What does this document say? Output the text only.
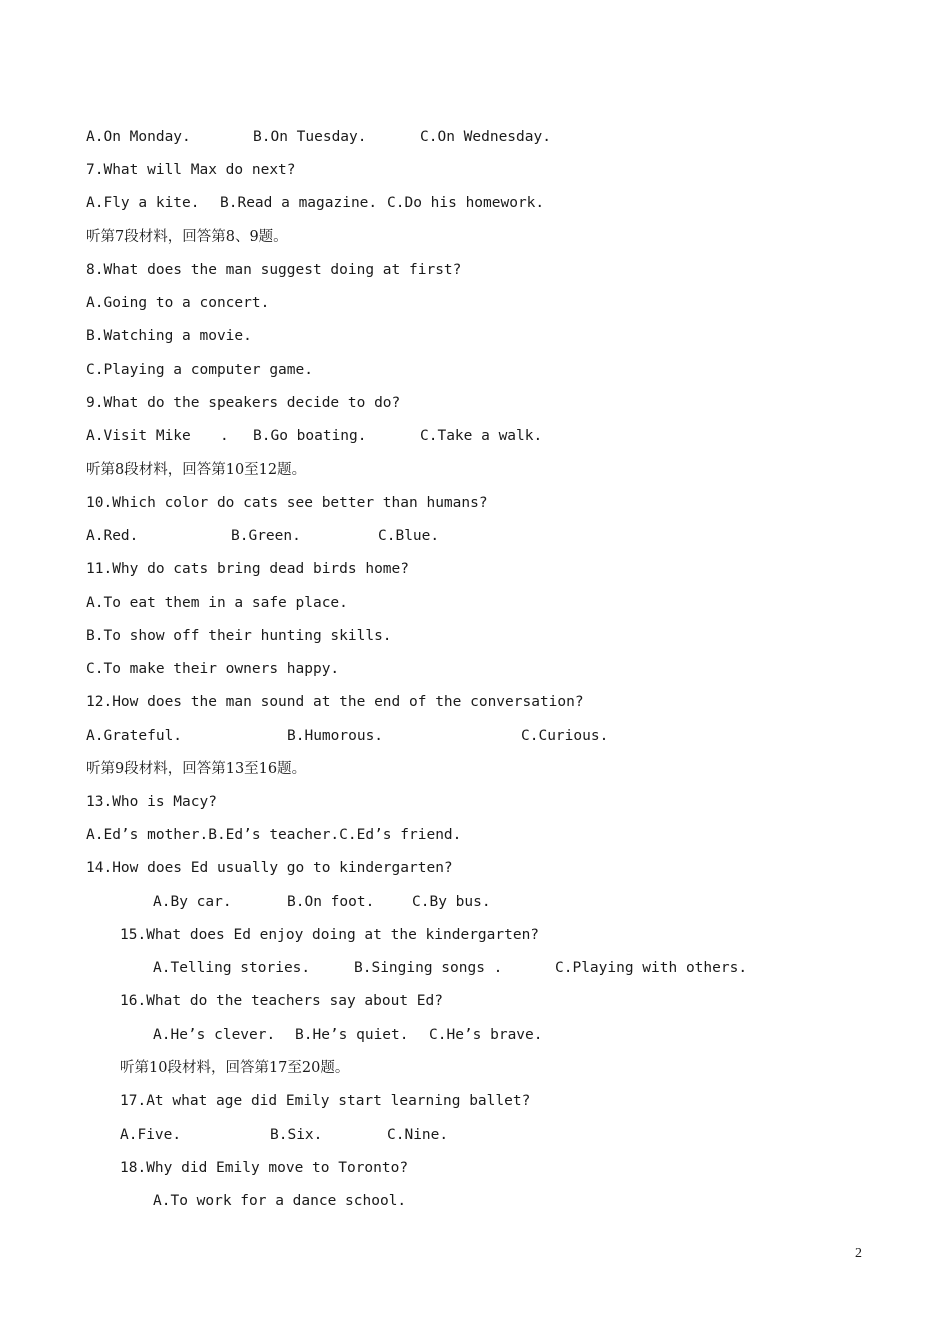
A.On Monday.

	B.On Tuesday.

	C.On Wednesday.

7.What will Max do next?

A.Fly a kite.

B.Read a magazine.

C.Do his homework.

听第7段材料，回答第8、9题。
8.What does the man suggest doing at first?
A.Going to a concert.
B.Watching a movie.
C.Playing a computer game.
9.What do the speakers decide to do?

A.Visit Mike

.

B.Go boating.

	C.Take a walk.

听第8段材料，回答第10至12题。
10.Which color do cats see better than humans?

A.Red.

	B.Green.

	C.Blue.

11.Why do cats bring dead birds home?
A.To eat them in a safe place.
B.To show off their hunting skills.
C.To make their owners happy.
12.How does the man sound at the end of the conversation?

A.Grateful.

	B.Humorous.

	C.Curious.

听第9段材料，回答第13至16题。
13.Who is Macy?
A.Ed’s mother.B.Ed’s teacher.C.Ed’s friend.
14.How does Ed usually go to kindergarten?

A.By car.

	B.On foot.

	C.By bus.

15.What does Ed enjoy doing at the kindergarten?

A.Telling stories.

	B.Singing songs .

	C.Playing with others.

16.What do the teachers say about Ed?

A.He’s clever.

B.He’s quiet.

C.He’s brave.

听第10段材料，回答第17至20题。
17.At what age did Emily start learning ballet?

A.Five.

	B.Six.

	C.Nine.

18.Why did Emily move to Toronto?
A.To work for a dance school.
2
